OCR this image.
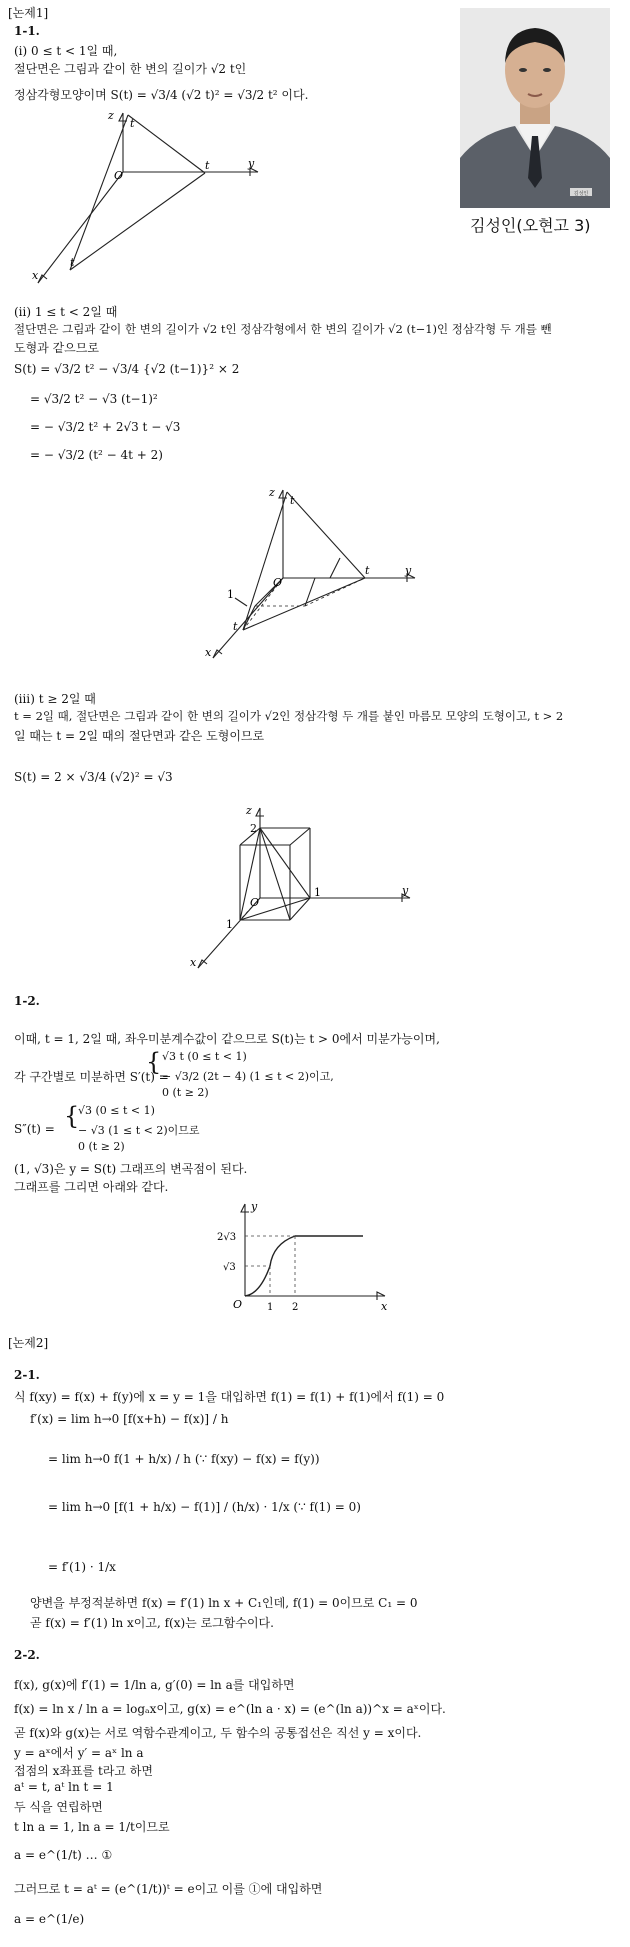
[논제1]
1-1.
(ⅰ) 0 ≤ t < 1일 때,
절단면은 그림과 같이 한 변의 길이가 √2 t인
정삼각형모양이며 S(t) = √3/4 (√2 t)² = √3/2 t² 이다.
z
t
y
t
O
t
x
김성인
김성인(오현고 3)
(ⅱ) 1 ≤ t < 2일 때
절단면은 그림과 같이 한 변의 길이가 √2 t인 정삼각형에서 한 변의 길이가 √2 (t−1)인 정삼각형 두 개를 뺀
도형과 같으므로
S(t) = √3/2 t² − √3/4 {√2 (t−1)}² × 2
= √3/2 t² − √3 (t−1)²
= − √3/2 t² + 2√3 t − √3
= − √3/2 (t² − 4t + 2)
z
t
y
t
O
1
t
x
(ⅲ) t ≥ 2일 때
t = 2일 때, 절단면은 그림과 같이 한 변의 길이가 √2인 정삼각형 두 개를 붙인 마름모 모양의 도형이고, t > 2
일 때는 t = 2일 때의 절단면과 같은 도형이므로
S(t) = 2 × √3/4 (√2)² = √3
z
2
y
1
O
1
x
1-2.
이때, t = 1, 2일 때, 좌우미분계수값이 같으므로 S(t)는 t > 0에서 미분가능이며,
각 구간별로 미분하면 S′(t) =
{ √3 t (0 ≤ t < 1)
− √3/2 (2t − 4) (1 ≤ t < 2)이고,
0 (t ≥ 2)
S″(t) = {
√3 (0 ≤ t < 1)
− √3 (1 ≤ t < 2)이므로
0 (t ≥ 2)
(1, √3)은 y = S(t) 그래프의 변곡점이 된다.
그래프를 그리면 아래와 같다.
y
x
O
2√3
√3
1 2
[논제2]
2-1.
식 f(xy) = f(x) + f(y)에 x = y = 1을 대입하면 f(1) = f(1) + f(1)에서 f(1) = 0
f′(x) = lim h→0 [f(x+h) − f(x)] / h
= lim h→0 f(1 + h/x) / h (∵ f(xy) − f(x) = f(y))
= lim h→0 [f(1 + h/x) − f(1)] / (h/x) · 1/x (∵ f(1) = 0)
= f′(1) · 1/x
양변을 부정적분하면 f(x) = f′(1) ln x + C₁인데, f(1) = 0이므로 C₁ = 0
곧 f(x) = f′(1) ln x이고, f(x)는 로그함수이다.
2-2.
f(x), g(x)에 f′(1) = 1/ln a, g′(0) = ln a를 대입하면
f(x) = ln x / ln a = logₐx이고, g(x) = e^(ln a · x) = (e^(ln a))^x = aˣ이다.
곧 f(x)와 g(x)는 서로 역함수관계이고, 두 함수의 공통접선은 직선 y = x이다.
y = aˣ에서 y′ = aˣ ln a
접점의 x좌표를 t라고 하면
aᵗ = t, aᵗ ln t = 1
두 식을 연립하면
t ln a = 1, ln a = 1/t이므로
a = e^(1/t) … ①
그러므로 t = aᵗ = (e^(1/t))ᵗ = e이고 이를 ①에 대입하면
a = e^(1/e)
